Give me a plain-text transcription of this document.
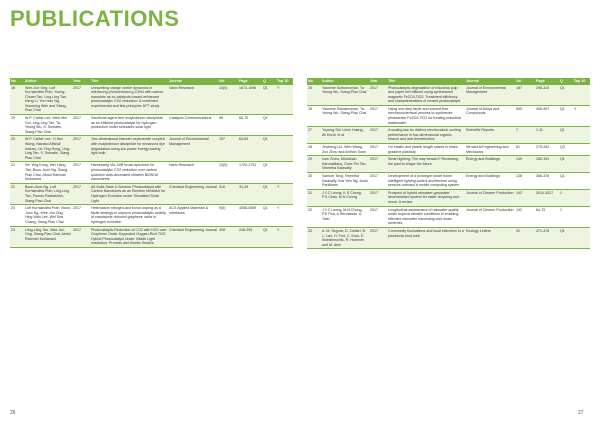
PUBLICATIONS
No	Author	Year	Title	Journal	Vol	Page	Q	Top 10
18	Wee-Jun Ong, Lutf Kurnianditia Putri, Yoong-Chuan Tan, Ling-Ling Tan, Neng Li, Yun Hau Ng, Xiaoming Wen and Siang-Piao Chai	2017	Unravelling charge carrier dynamics in interfacing photoreduced g-C3N4 with carbon nanodots as co-catalysts toward enhanced photocatalytic CO2 reduction: A combined experimental and first-principles DFT study	Nano Research	10(5)	1673-1696	Q1	Y
19	W.P. Cathie Lee, Meei Mei Gui, Ling-Ling Tan, Ta-Yeong Wu, S. Sumathi, Siang-Piao Chai	2017	Sacrificial-agent-free molybdenum disulphide as an efficient photocatalyst for hydrogen production under simulated solar light	Catalysis Communications	98	66-70	Q1	
20	W.P. Cathie Lee, Yi-Hun Wong, Nazatul Affandi Isrizaq, Lin-Ying Hong, Ling-Ling Tan, S. Sumathi, Siang-Piao Chai	2017	Two-dimensional bismuth oxybromide coupled with molybdenum disulphide for enhanced dye degradation using low power energy-saving light bulb	Journal of Environmental Management	197	63-69	Q1	
21	Xin Ying Kong, Wei Liang Tan, Boon-Junn Ng, Siang-Piao Chai, Abdul Rahman Mohamed	2017	Harnessing Vis–NIR broad spectrum for photocatalytic CO2 reduction over carbon quantum dots-decorated ultrathin Bi2WO6 nanosheets	Nano Research	10(5)	1720-1731	Q1	
22	Boon-Junn Ng, Lutf Kurnianditia Putri, Ling-Ling Tan, Poonlo Pasbakhsh, Siang-Piao Chai	2017	All-Solid-State Z-Scheme Photocatalyst with Carbon Nanotubes as an Electron Mediator for Hydrogen Evolution under Simulated Solar Light	Chemical Engineering Journal	316	41-49	Q1	Y
23	Lutf Kurnianditia Putri, Boon-Junn Ng, Wee-Jun Ong, Hing Wah Lee, Wei Sea Chang, Siang-Piao Chai	2017	Heteroatom nitrogen-and boron-doping as a facile strategy to improve photocatalytic activity of standalone reduced graphene oxide in hydrogen evolution	ACS Applied Materials & Interfaces	9(5)	4558-4569	Q1	Y
24	Lling-Lling Tan, Wee-Jun Ong, Siang-Piao Chai, Abdul Rahman Mohamed	2017	Photocatalytic Reduction of CO2 with H2O over Graphene Oxide-Supported Oxygen-Rich TiO2 Hybrid Photocatalyst Under Visible Light Irradiation: Process and Kinetic Studies	Chemical Engineering Journal	308	248-255	Q1	Y
No	Author	Year	Title	Journal	Vol	Page	Q	Top 10
25	Yasmine Subramonian, Ta Yeong Wu, Siang-Piao Chai	2017	Photocatalytic degradation of industrial pulp and paper mill effluent using synthesized magnetic Fe2O3-TiO2: Treatment efficiency and characterizations of reused photocatalyst	Journal of Environmental Management	187	298-310	Q1	
26	Yasmine Subramonian, Ta Yeong Wu, Siang-Piao Chai	2017	Using one-step facile and solvent-free mechanochemical process to synthesize photoactive Fe2O3-TiO2 for treating industrial wastewater	Journal of Alloys and Compounds	695	496-507	Q1	Y
27	Yupeng Shi, Limin Huang, Ali Kordi, et al	2017	A scaling law for distinct electrocaloric cooling performance in low-dimensional organic, relaxor and anti-ferroelectrics	Scientific Reports	7	1-11	Q1	
28	Jincheng Liu, Wen Wang, Zuo Zhou and Anthon Soon	2017	On elastic and plastic length scales in strain gradient plasticity	Structural Engineering and Mechanics	61	275-282	Q3	
29	Ivan Chew, Dilukshan Karunatilaka, Chee Pin Tan, Vineetha Kalavally	2017	Smart lighting: The way forward? Reviewing the past to shape the future	Energy and Buildings	149	180-191	Q1	
30	Samuel Tang, Vineetha Kalavally, Kok Yew Ng, Jussi Parkkinen	2017	Development of a prototype smart home intelligent lighting control architecture using sensors onboard a mobile computing system	Energy and Buildings	138	368-376	Q1	
31	J.Y.C Leong, K.S Chong, P.S Chan, M.N Chong	2017	Prospect of hybrid rainwater-greywater decentralised system for water recycling and reuse: A review	Journal of Cleaner Production	142	3014-3027	1	
32	J.Y.C Leong, M.N Chong, P.E Poh, A Hermawan, A Talei	2017	Longitudinal assessment of rainwater quality under tropical climatic conditions in enabling effective rainwater harvesting and reuse schemes	Journal of Cleaner Production	142	64-75	1	
33	A. M. Segura, D. Calliari, B. L. Lan, H. Fort, C. Kruk, E. Wohlbrecchts, R. Hammer and M. Arim	2017	Community fluctuations and local extinction in a planktonic food web	Ecology Letters	20	471-478	Q1	
26	27
